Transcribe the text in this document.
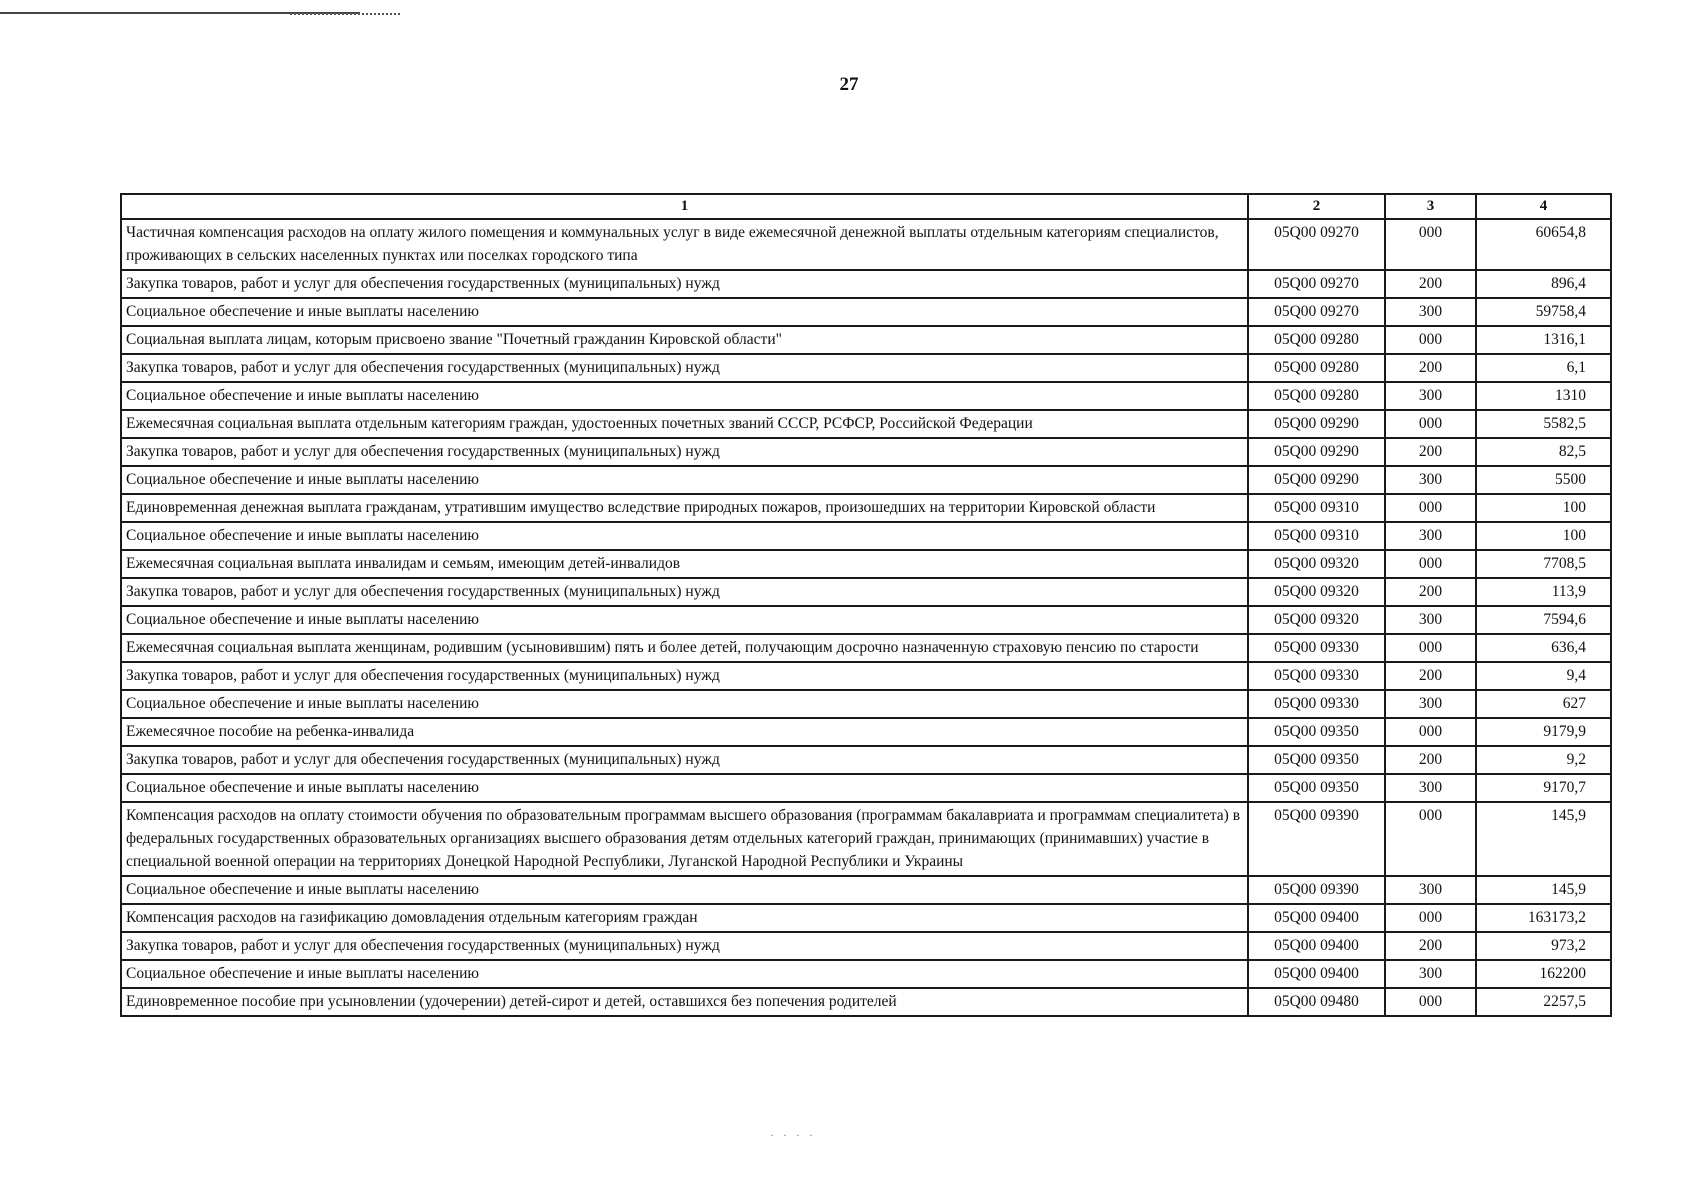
27
1	2	3	4
Частичная компенсация расходов на оплату жилого помещения и коммунальных услуг в виде ежемесячной денежной выплаты отдельным категориям специалистов, проживающих в сельских населенных пунктах или поселках городского типа	05Q00 09270	000	60654,8
Закупка товаров, работ и услуг для обеспечения государственных (муниципальных) нужд	05Q00 09270	200	896,4
Социальное обеспечение и иные выплаты населению	05Q00 09270	300	59758,4
Социальная выплата лицам, которым присвоено звание "Почетный гражданин Кировской области"	05Q00 09280	000	1316,1
Закупка товаров, работ и услуг для обеспечения государственных (муниципальных) нужд	05Q00 09280	200	6,1
Социальное обеспечение и иные выплаты населению	05Q00 09280	300	1310
Ежемесячная социальная выплата отдельным категориям граждан, удостоенных почетных званий СССР, РСФСР, Российской Федерации	05Q00 09290	000	5582,5
Закупка товаров, работ и услуг для обеспечения государственных (муниципальных) нужд	05Q00 09290	200	82,5
Социальное обеспечение и иные выплаты населению	05Q00 09290	300	5500
Единовременная денежная выплата гражданам, утратившим имущество вследствие природных пожаров, произошедших на территории Кировской области	05Q00 09310	000	100
Социальное обеспечение и иные выплаты населению	05Q00 09310	300	100
Ежемесячная социальная выплата инвалидам и семьям, имеющим детей-инвалидов	05Q00 09320	000	7708,5
Закупка товаров, работ и услуг для обеспечения государственных (муниципальных) нужд	05Q00 09320	200	113,9
Социальное обеспечение и иные выплаты населению	05Q00 09320	300	7594,6
Ежемесячная социальная выплата женщинам, родившим (усыновившим) пять и более детей, получающим досрочно назначенную страховую пенсию по старости	05Q00 09330	000	636,4
Закупка товаров, работ и услуг для обеспечения государственных (муниципальных) нужд	05Q00 09330	200	9,4
Социальное обеспечение и иные выплаты населению	05Q00 09330	300	627
Ежемесячное пособие на ребенка-инвалида	05Q00 09350	000	9179,9
Закупка товаров, работ и услуг для обеспечения государственных (муниципальных) нужд	05Q00 09350	200	9,2
Социальное обеспечение и иные выплаты населению	05Q00 09350	300	9170,7
Компенсация расходов на оплату стоимости обучения по образовательным программам высшего образования (программам бакалавриата и программам специалитета) в федеральных государственных образовательных организациях высшего образования детям отдельных категорий граждан, принимающих (принимавших) участие в специальной военной операции на территориях Донецкой Народной Республики, Луганской Народной Республики и Украины	05Q00 09390	000	145,9
Социальное обеспечение и иные выплаты населению	05Q00 09390	300	145,9
Компенсация расходов на газификацию домовладения отдельным категориям граждан	05Q00 09400	000	163173,2
Закупка товаров, работ и услуг для обеспечения государственных (муниципальных) нужд	05Q00 09400	200	973,2
Социальное обеспечение и иные выплаты населению	05Q00 09400	300	162200
Единовременное пособие при усыновлении (удочерении) детей-сирот и детей, оставшихся без попечения родителей	05Q00 09480	000	2257,5
· · · ·
